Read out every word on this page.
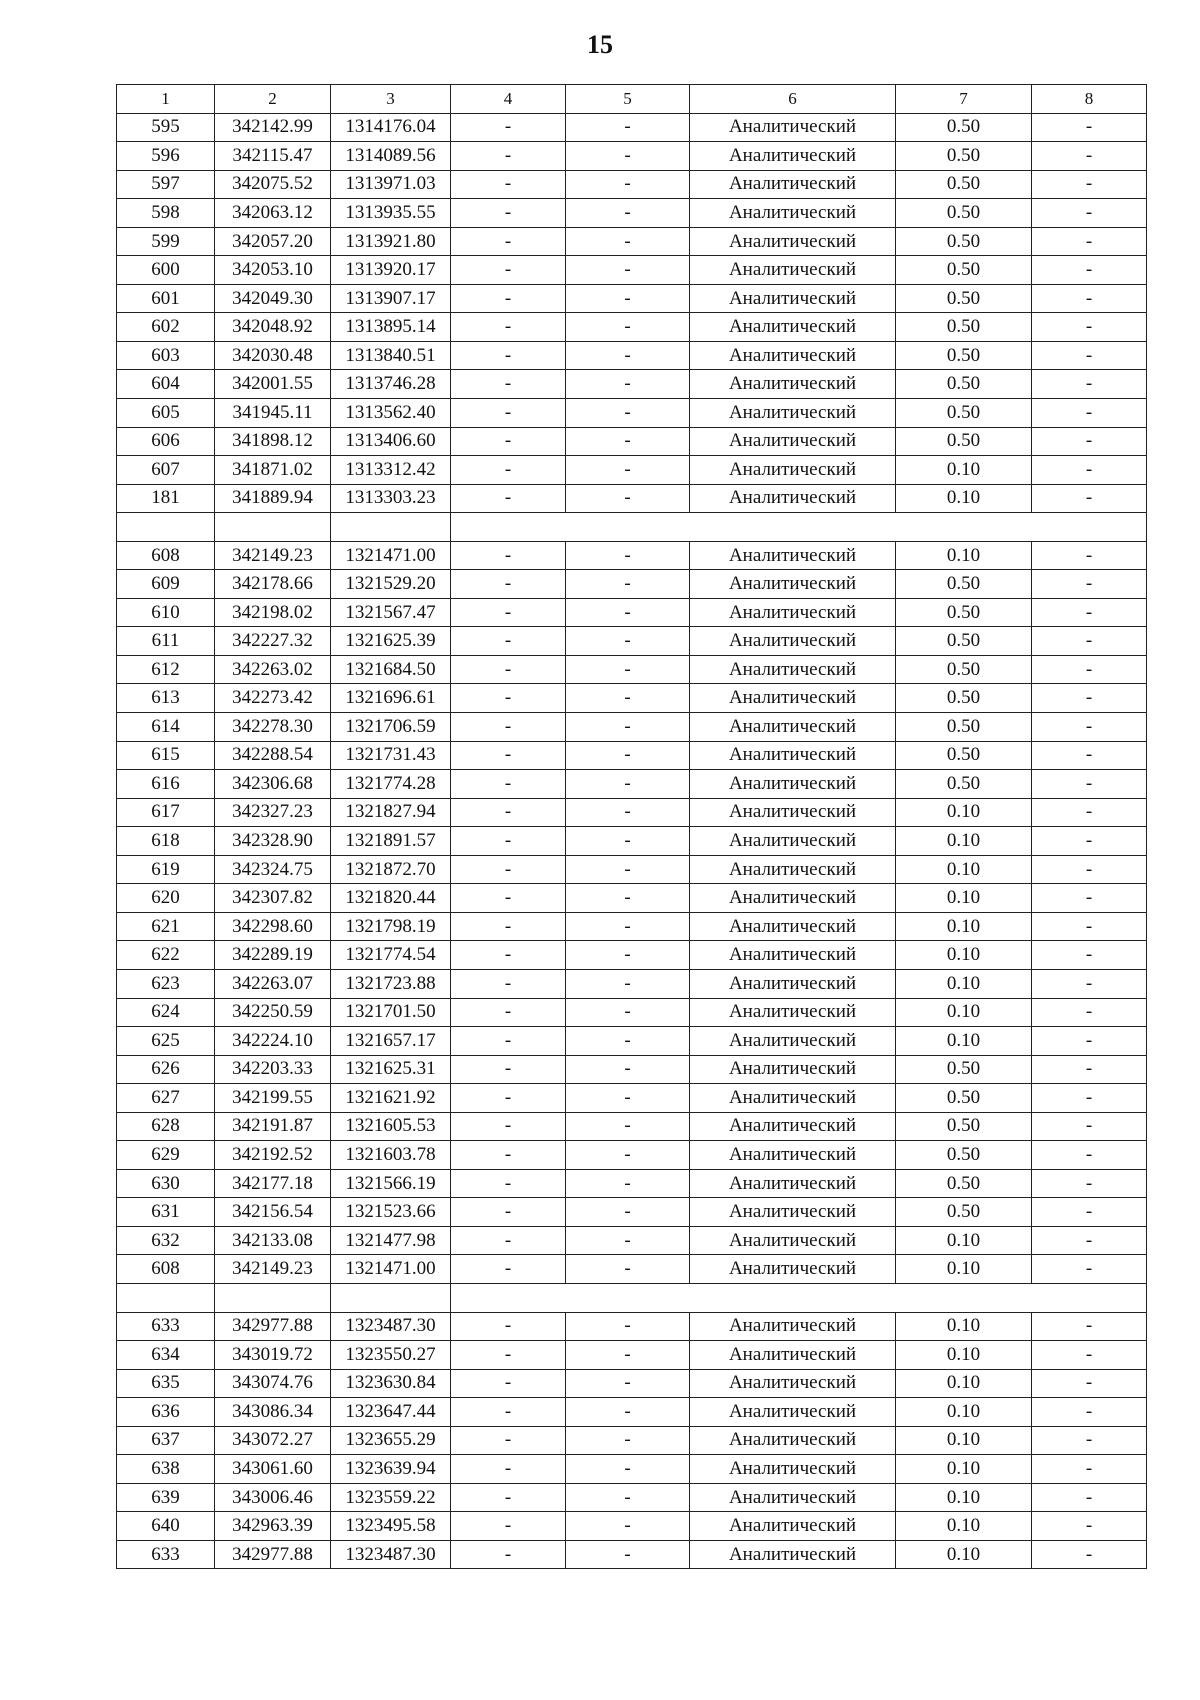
15
1	2	3	4	5	6	7	8
595	342142.99	1314176.04	-	-	Аналитический	0.50	-
596	342115.47	1314089.56	-	-	Аналитический	0.50	-
597	342075.52	1313971.03	-	-	Аналитический	0.50	-
598	342063.12	1313935.55	-	-	Аналитический	0.50	-
599	342057.20	1313921.80	-	-	Аналитический	0.50	-
600	342053.10	1313920.17	-	-	Аналитический	0.50	-
601	342049.30	1313907.17	-	-	Аналитический	0.50	-
602	342048.92	1313895.14	-	-	Аналитический	0.50	-
603	342030.48	1313840.51	-	-	Аналитический	0.50	-
604	342001.55	1313746.28	-	-	Аналитический	0.50	-
605	341945.11	1313562.40	-	-	Аналитический	0.50	-
606	341898.12	1313406.60	-	-	Аналитический	0.50	-
607	341871.02	1313312.42	-	-	Аналитический	0.10	-
181	341889.94	1313303.23	-	-	Аналитический	0.10	-

608	342149.23	1321471.00	-	-	Аналитический	0.10	-
609	342178.66	1321529.20	-	-	Аналитический	0.50	-
610	342198.02	1321567.47	-	-	Аналитический	0.50	-
611	342227.32	1321625.39	-	-	Аналитический	0.50	-
612	342263.02	1321684.50	-	-	Аналитический	0.50	-
613	342273.42	1321696.61	-	-	Аналитический	0.50	-
614	342278.30	1321706.59	-	-	Аналитический	0.50	-
615	342288.54	1321731.43	-	-	Аналитический	0.50	-
616	342306.68	1321774.28	-	-	Аналитический	0.50	-
617	342327.23	1321827.94	-	-	Аналитический	0.10	-
618	342328.90	1321891.57	-	-	Аналитический	0.10	-
619	342324.75	1321872.70	-	-	Аналитический	0.10	-
620	342307.82	1321820.44	-	-	Аналитический	0.10	-
621	342298.60	1321798.19	-	-	Аналитический	0.10	-
622	342289.19	1321774.54	-	-	Аналитический	0.10	-
623	342263.07	1321723.88	-	-	Аналитический	0.10	-
624	342250.59	1321701.50	-	-	Аналитический	0.10	-
625	342224.10	1321657.17	-	-	Аналитический	0.10	-
626	342203.33	1321625.31	-	-	Аналитический	0.50	-
627	342199.55	1321621.92	-	-	Аналитический	0.50	-
628	342191.87	1321605.53	-	-	Аналитический	0.50	-
629	342192.52	1321603.78	-	-	Аналитический	0.50	-
630	342177.18	1321566.19	-	-	Аналитический	0.50	-
631	342156.54	1321523.66	-	-	Аналитический	0.50	-
632	342133.08	1321477.98	-	-	Аналитический	0.10	-
608	342149.23	1321471.00	-	-	Аналитический	0.10	-

633	342977.88	1323487.30	-	-	Аналитический	0.10	-
634	343019.72	1323550.27	-	-	Аналитический	0.10	-
635	343074.76	1323630.84	-	-	Аналитический	0.10	-
636	343086.34	1323647.44	-	-	Аналитический	0.10	-
637	343072.27	1323655.29	-	-	Аналитический	0.10	-
638	343061.60	1323639.94	-	-	Аналитический	0.10	-
639	343006.46	1323559.22	-	-	Аналитический	0.10	-
640	342963.39	1323495.58	-	-	Аналитический	0.10	-
633	342977.88	1323487.30	-	-	Аналитический	0.10	-
